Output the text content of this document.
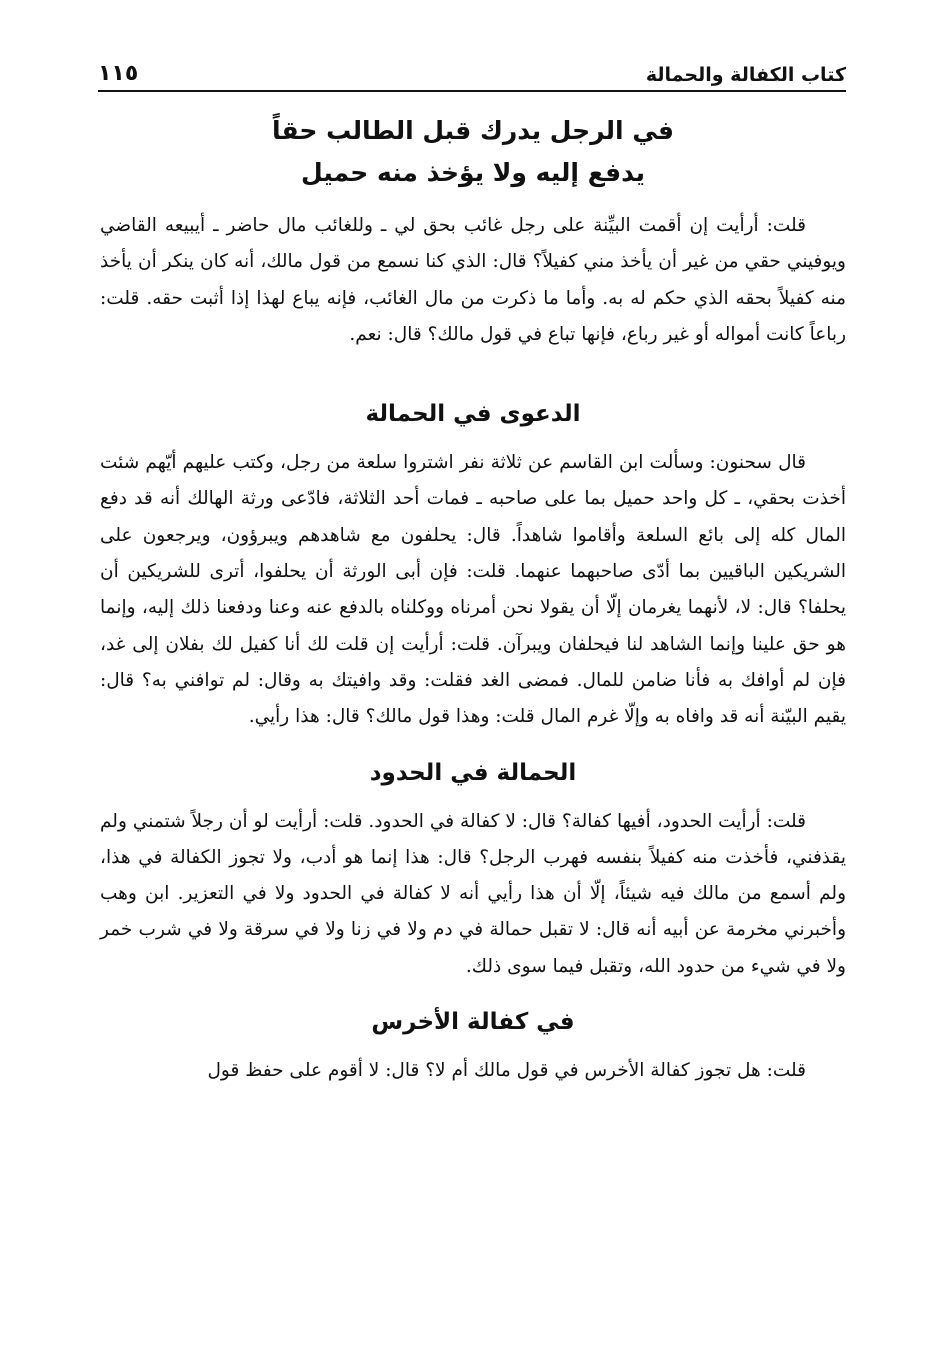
كتاب الكفالة والحمالة
١١٥
في الرجل يدرك قبل الطالب حقاً
يدفع إليه ولا يؤخذ منه حميل

قلت: أرأيت إن أقمت البيِّنة على رجل غائب بحق لي ـ وللغائب مال حاضر ـ أيبيعه القاضي ويوفيني حقي من غير أن يأخذ مني كفيلاً؟ قال: الذي كنا نسمع من قول مالك، أنه كان ينكر أن يأخذ منه كفيلاً بحقه الذي حكم له به. وأما ما ذكرت من مال الغائب، فإنه يباع لهذا إذا أثبت حقه. قلت: رباعاً كانت أمواله أو غير رباع، فإنها تباع في قول مالك؟ قال: نعم.

الدعوى في الحمالة

قال سحنون: وسألت ابن القاسم عن ثلاثة نفر اشتروا سلعة من رجل، وكتب عليهم أيّهم شئت أخذت بحقي، ـ كل واحد حميل بما على صاحبه ـ فمات أحد الثلاثة، فادّعى ورثة الهالك أنه قد دفع المال كله إلى بائع السلعة وأقاموا شاهداً. قال: يحلفون مع شاهدهم ويبرؤون، ويرجعون على الشريكين الباقيين بما أدّى صاحبهما عنهما. قلت: فإن أبى الورثة أن يحلفوا، أترى للشريكين أن يحلفا؟ قال: لا، لأنهما يغرمان إلّا أن يقولا نحن أمرناه ووكلناه بالدفع عنه وعنا ودفعنا ذلك إليه، وإنما هو حق علينا وإنما الشاهد لنا فيحلفان ويبرآن. قلت: أرأيت إن قلت لك أنا كفيل لك بفلان إلى غد، فإن لم أوافك به فأنا ضامن للمال. فمضى الغد فقلت: وقد وافيتك به وقال: لم توافني به؟ قال: يقيم البيّنة أنه قد وافاه به وإلّا غرم المال قلت: وهذا قول مالك؟ قال: هذا رأيي.

الحمالة في الحدود

قلت: أرأيت الحدود، أفيها كفالة؟ قال: لا كفالة في الحدود. قلت: أرأيت لو أن رجلاً شتمني ولم يقذفني، فأخذت منه كفيلاً بنفسه فهرب الرجل؟ قال: هذا إنما هو أدب، ولا تجوز الكفالة في هذا، ولم أسمع من مالك فيه شيئاً، إلّا أن هذا رأيي أنه لا كفالة في الحدود ولا في التعزير. ابن وهب وأخبرني مخرمة عن أبيه أنه قال: لا تقبل حمالة في دم ولا في زنا ولا في سرقة ولا في شرب خمر ولا في شيء من حدود الله، وتقبل فيما سوى ذلك.

في كفالة الأخرس

قلت: هل تجوز كفالة الأخرس في قول مالك أم لا؟ قال: لا أقوم على حفظ قول
